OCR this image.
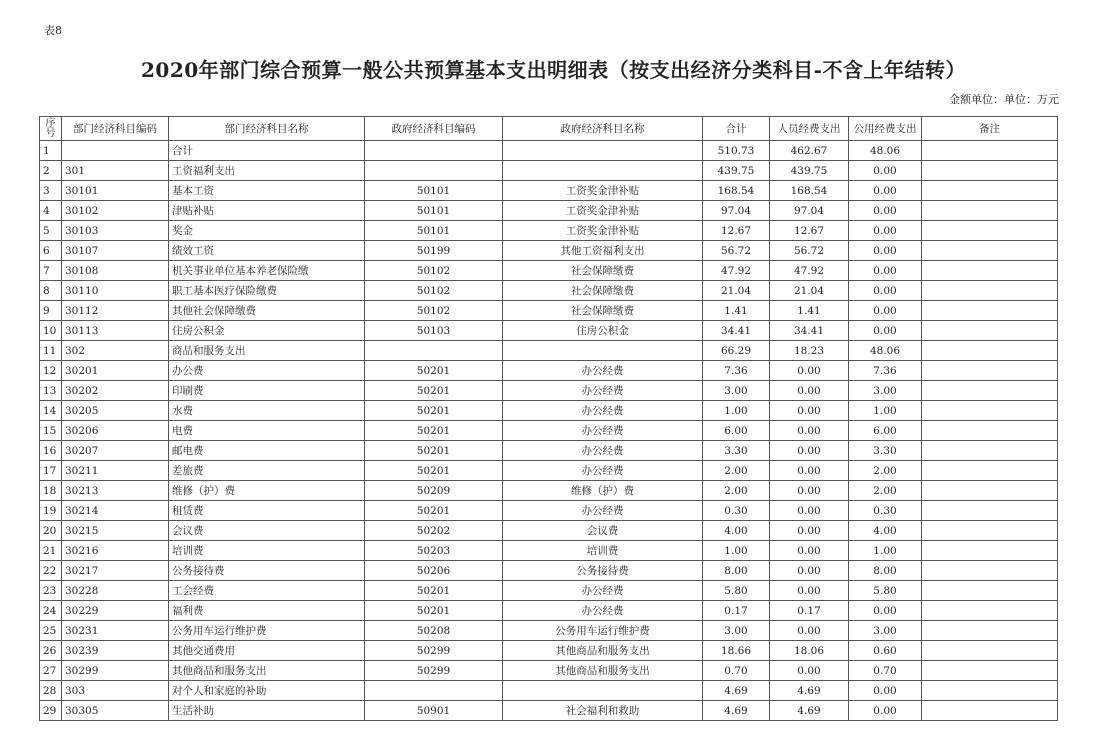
表8
2020年部门综合预算一般公共预算基本支出明细表（按支出经济分类科目-不含上年结转）
金额单位：单位：万元
序号	部门经济科目编码	部门经济科目名称	政府经济科目编码	政府经济科目名称	合计	人员经费支出	公用经费支出	备注
1		合计			510.73	462.67	48.06	
2	301	工资福利支出			439.75	439.75	0.00	
3	30101	基本工资	50101	工资奖金津补贴	168.54	168.54	0.00	
4	30102	津贴补贴	50101	工资奖金津补贴	97.04	97.04	0.00	
5	30103	奖金	50101	工资奖金津补贴	12.67	12.67	0.00	
6	30107	绩效工资	50199	其他工资福利支出	56.72	56.72	0.00	
7	30108	机关事业单位基本养老保险缴	50102	社会保障缴费	47.92	47.92	0.00	
8	30110	职工基本医疗保险缴费	50102	社会保障缴费	21.04	21.04	0.00	
9	30112	其他社会保障缴费	50102	社会保障缴费	1.41	1.41	0.00	
10	30113	住房公积金	50103	住房公积金	34.41	34.41	0.00	
11	302	商品和服务支出			66.29	18.23	48.06	
12	30201	办公费	50201	办公经费	7.36	0.00	7.36	
13	30202	印刷费	50201	办公经费	3.00	0.00	3.00	
14	30205	水费	50201	办公经费	1.00	0.00	1.00	
15	30206	电费	50201	办公经费	6.00	0.00	6.00	
16	30207	邮电费	50201	办公经费	3.30	0.00	3.30	
17	30211	差旅费	50201	办公经费	2.00	0.00	2.00	
18	30213	维修（护）费	50209	维修（护）费	2.00	0.00	2.00	
19	30214	租赁费	50201	办公经费	0.30	0.00	0.30	
20	30215	会议费	50202	会议费	4.00	0.00	4.00	
21	30216	培训费	50203	培训费	1.00	0.00	1.00	
22	30217	公务接待费	50206	公务接待费	8.00	0.00	8.00	
23	30228	工会经费	50201	办公经费	5.80	0.00	5.80	
24	30229	福利费	50201	办公经费	0.17	0.17	0.00	
25	30231	公务用车运行维护费	50208	公务用车运行维护费	3.00	0.00	3.00	
26	30239	其他交通费用	50299	其他商品和服务支出	18.66	18.06	0.60	
27	30299	其他商品和服务支出	50299	其他商品和服务支出	0.70	0.00	0.70	
28	303	对个人和家庭的补助			4.69	4.69	0.00	
29	30305	生活补助	50901	社会福利和救助	4.69	4.69	0.00	
